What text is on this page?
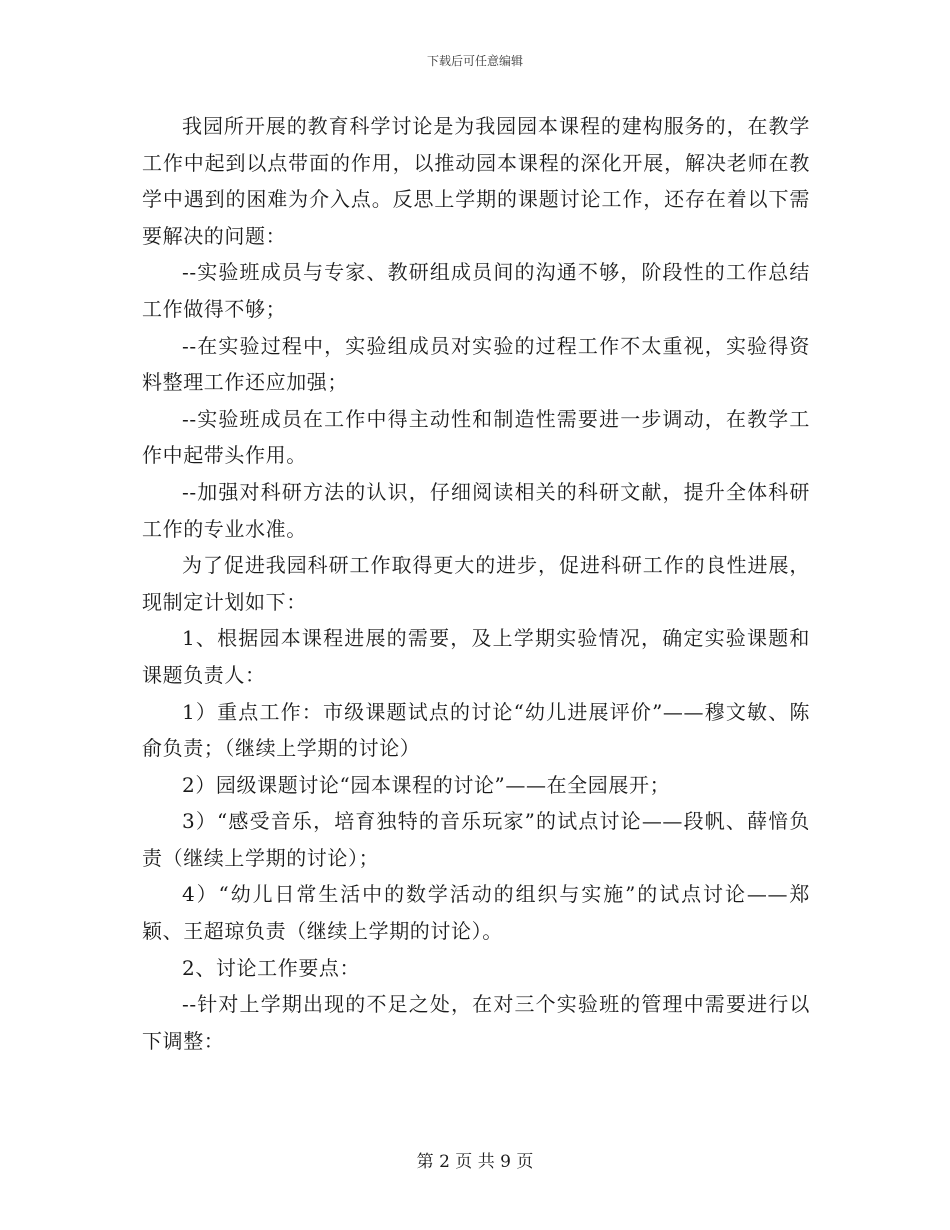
下载后可任意编辑

我园所开展的教育科学讨论是为我园园本课程的建构服务的，在教学工作中起到以点带面的作用，以推动园本课程的深化开展，解决老师在教学中遇到的困难为介入点。反思上学期的课题讨论工作，还存在着以下需要解决的问题：

--实验班成员与专家、教研组成员间的沟通不够，阶段性的工作总结工作做得不够；

--在实验过程中，实验组成员对实验的过程工作不太重视，实验得资料整理工作还应加强；

--实验班成员在工作中得主动性和制造性需要进一步调动，在教学工作中起带头作用。

--加强对科研方法的认识，仔细阅读相关的科研文献，提升全体科研工作的专业水准。

为了促进我园科研工作取得更大的进步，促进科研工作的良性进展，现制定计划如下：

1、根据园本课程进展的需要，及上学期实验情况，确定实验课题和课题负责人：

1）重点工作：市级课题试点的讨论“幼儿进展评价”——穆文敏、陈俞负责；（继续上学期的讨论）

2）园级课题讨论“园本课程的讨论”——在全园展开；

3）“感受音乐，培育独特的音乐玩家”的试点讨论——段帆、薛愔负责（继续上学期的讨论）；

4）“幼儿日常生活中的数学活动的组织与实施”的试点讨论——郑颖、王超琼负责（继续上学期的讨论）。

2、讨论工作要点：

--针对上学期出现的不足之处，在对三个实验班的管理中需要进行以下调整：

第 2 页 共 9 页
